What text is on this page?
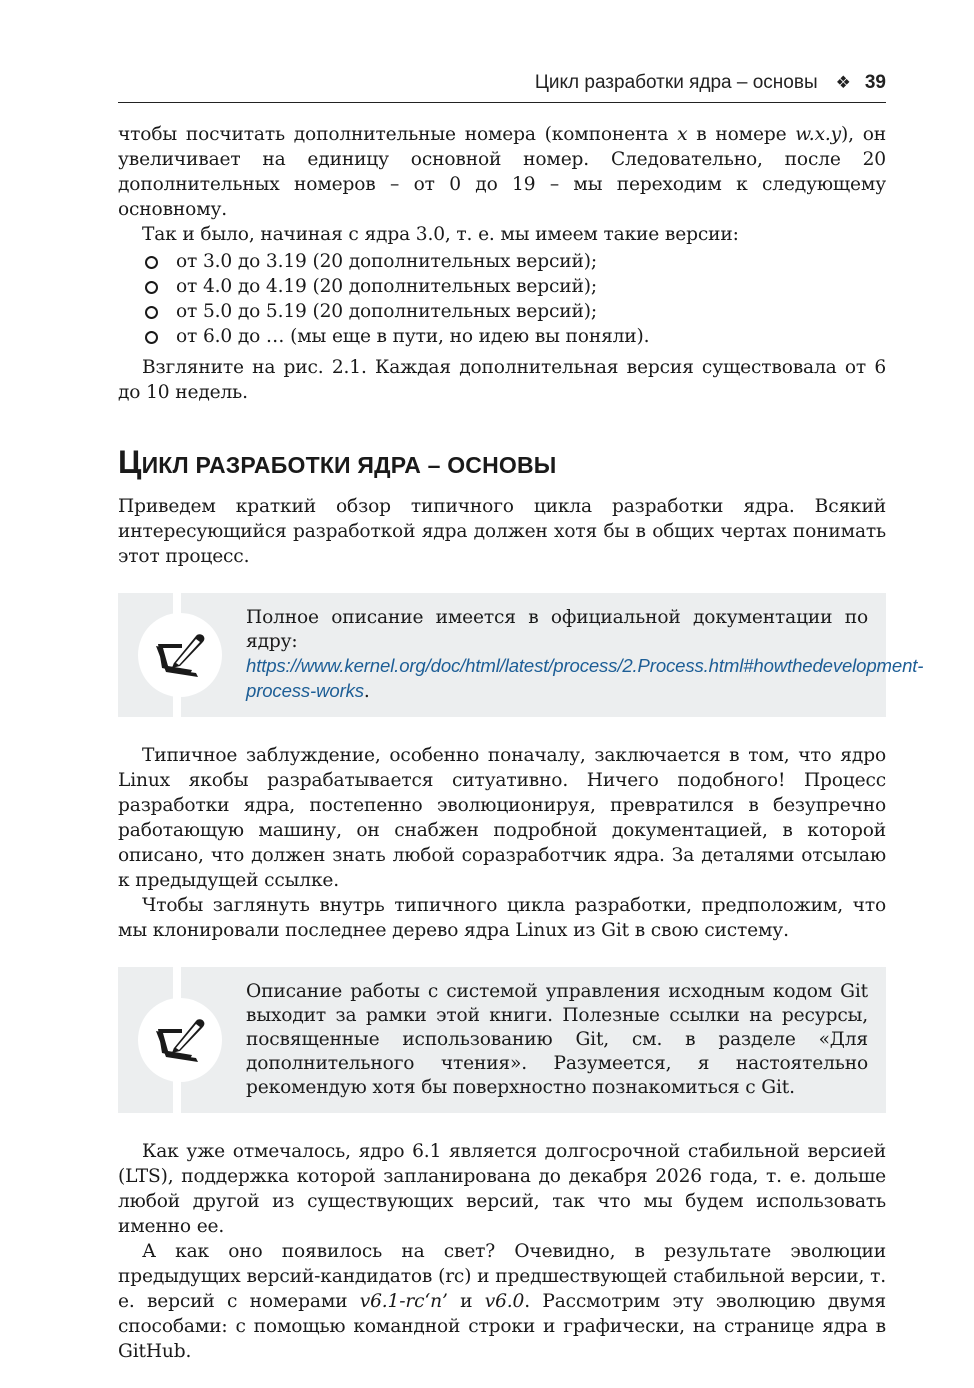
Цикл разработки ядра – основы ❖ 39

чтобы посчитать дополнительные номера (компонента x в номере w.x.y), он увеличивает на единицу основной номер. Следовательно, после 20 дополнительных номеров – от 0 до 19 – мы переходим к следующему основному.

Так и было, начиная с ядра 3.0, т. е. мы имеем такие версии:

от 3.0 до 3.19 (20 дополнительных версий);
от 4.0 до 4.19 (20 дополнительных версий);
от 5.0 до 5.19 (20 дополнительных версий);
от 6.0 до … (мы еще в пути, но идею вы поняли).

Взгляните на рис. 2.1. Каждая дополнительная версия существовала от 6 до 10 недель.

ЦИКЛ РАЗРАБОТКИ ЯДРА – ОСНОВЫ

Приведем краткий обзор типичного цикла разработки ядра. Всякий интересующийся разработкой ядра должен хотя бы в общих чертах понимать этот процесс.

Полное описание имеется в официальной документации по ядру: https://www.kernel.org/doc/html/latest/process/2.Process.html#howthedevelopment-process-works.

Типичное заблуждение, особенно поначалу, заключается в том, что ядро Linux якобы разрабатывается ситуативно. Ничего подобного! Процесс разработки ядра, постепенно эволюционируя, превратился в безупречно работающую машину, он снабжен подробной документацией, в которой описано, что должен знать любой соразработчик ядра. За деталями отсылаю к предыдущей ссылке.

Чтобы заглянуть внутрь типичного цикла разработки, предположим, что мы клонировали последнее дерево ядра Linux из Git в свою систему.

Описание работы с системой управления исходным кодом Git выходит за рамки этой книги. Полезные ссылки на ресурсы, посвященные использованию Git, см. в разделе «Для дополнительного чтения». Разумеется, я настоятельно рекомендую хотя бы поверхностно познакомиться с Git.

Как уже отмечалось, ядро 6.1 является долгосрочной стабильной версией (LTS), поддержка которой запланирована до декабря 2026 года, т. е. дольше любой другой из существующих версий, так что мы будем использовать именно ее.

А как оно появилось на свет? Очевидно, в результате эволюции предыдущих версий-кандидатов (rc) и предшествующей стабильной версии, т. е. версий с номерами v6.1-rc‘n’ и v6.0. Рассмотрим эту эволюцию двумя способами: с помощью командной строки и графически, на странице ядра в GitHub.
